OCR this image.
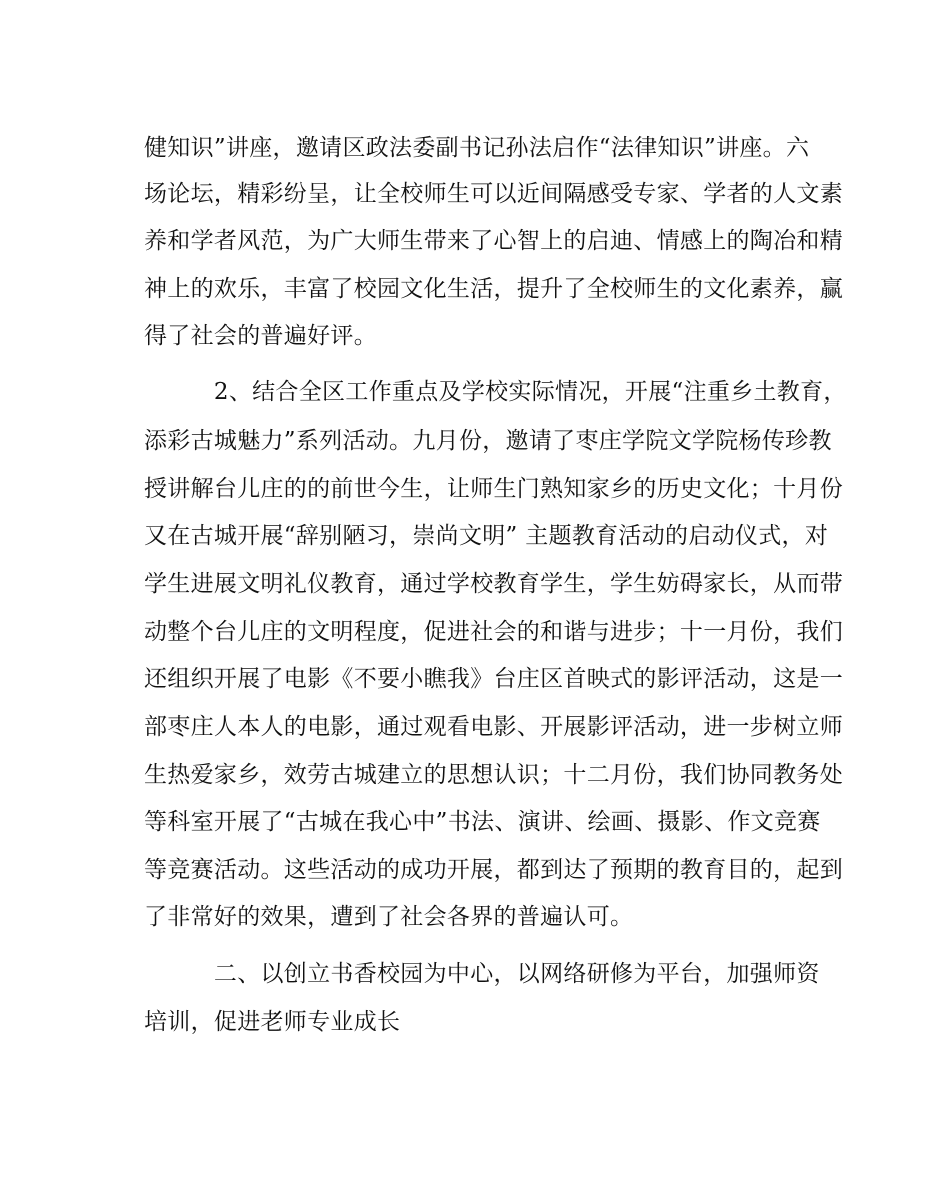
健知识”讲座，邀请区政法委副书记孙法启作“法律知识”讲座。六
场论坛，精彩纷呈，让全校师生可以近间隔感受专家、学者的人文素
养和学者风范，为广大师生带来了心智上的启迪、情感上的陶冶和精
神上的欢乐，丰富了校园文化生活，提升了全校师生的文化素养，赢
得了社会的普遍好评。
　　　2、结合全区工作重点及学校实际情况，开展“注重乡土教育，
添彩古城魅力”系列活动。九月份，邀请了枣庄学院文学院杨传珍教
授讲解台儿庄的的前世今生，让师生门熟知家乡的历史文化；十月份
又在古城开展“辞别陋习，崇尚文明” 主题教育活动的启动仪式，对
学生进展文明礼仪教育，通过学校教育学生，学生妨碍家长，从而带
动整个台儿庄的文明程度，促进社会的和谐与进步；十一月份，我们
还组织开展了电影《不要小瞧我》台庄区首映式的影评活动，这是一
部枣庄人本人的电影，通过观看电影、开展影评活动，进一步树立师
生热爱家乡，效劳古城建立的思想认识；十二月份，我们协同教务处
等科室开展了“古城在我心中”书法、演讲、绘画、摄影、作文竞赛
等竞赛活动。这些活动的成功开展，都到达了预期的教育目的，起到
了非常好的效果，遭到了社会各界的普遍认可。
　　　二、以创立书香校园为中心，以网络研修为平台，加强师资
培训，促进老师专业成长
